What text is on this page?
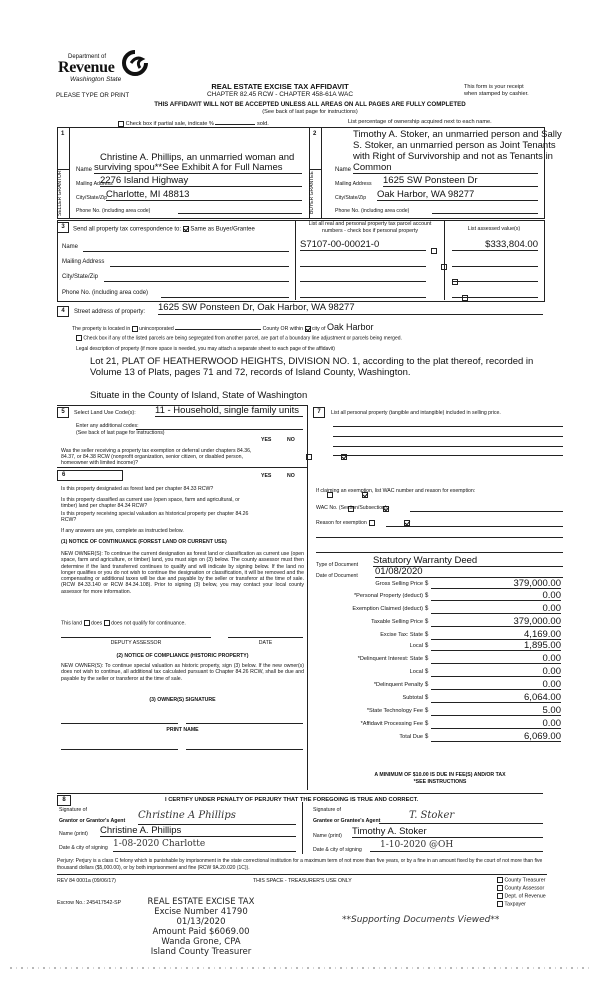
Department of
Revenue
Washington State
PLEASE TYPE OR PRINT
REAL ESTATE EXCISE TAX AFFIDAVIT
CHAPTER 82.45 RCW - CHAPTER 458-61A WAC
This form is your receipt
when stamped by cashier.
THIS AFFIDAVIT WILL NOT BE ACCEPTED UNLESS ALL AREAS ON ALL PAGES ARE FULLY COMPLETED
(See back of last page for instructions)
Check box if partial sale, indicate %	sold.	List percentage of ownership acquired next to each name.
1
SELLER GRANTOR
Christine A. Phillips, an unmarried woman and
Name surviving spou**See Exhibit A for Full Names
Mailing Address
2276 Island Highway
City/State/Zip
Charlotte, MI 48813
Phone No. (including area code)
2
BUYER GRANTEE
Timothy A. Stoker, an unmarried person and Sally
S. Stoker, an unmarried person as Joint Tenants
with Right of Survivorship and not as Tenants in
Name Common
Mailing Address 1625 SW Ponsteen Dr
City/State/Zip Oak Harbor, WA 98277
Phone No. (including area code)
3	Send all property tax correspondence to: Same as Buyer/Grantee
List all real and personal property tax parcel account numbers - check box if personal property	List assessed value(s)
Name
Mailing Address
City/State/Zip
Phone No. (including area code)
S7107-00-00021-0
	$333,804.00

4	Street address of property: 1625 SW Ponsteen Dr, Oak Harbor, WA 98277
The property is located in unincorporated	County OR within city of Oak Harbor
Check box if any of the listed parcels are being segregated from another parcel, are part of a boundary line adjustment or parcels being merged.
Legal description of property (if more space is needed, you may attach a separate sheet to each page of the affidavit)
Lot 21, PLAT OF HEATHERWOOD HEIGHTS, DIVISION NO. 1, according to the plat thereof, recorded in
Volume 13 of Plats, pages 71 and 72, records of Island County, Washington.
Situate in the County of Island, State of Washington
5	Select Land Use Code(s): 11 - Household, single family units
Enter any additional codes:
(See back of last page for instructions)
YES	NO
Was the seller receiving a property tax exemption or deferral under chapters 84.36, 84.37, or 84.38 RCW (nonprofit organization, senior citizen, or disabled person, homeowner with limited income)?

6	YES	NO
Is this property designated as forest land per chapter 84.33 RCW?

Is this property classified as current use (open space, farm and agricultural, or timber) land per chapter 84.34 RCW?

Is this property receiving special valuation as historical property per chapter 84.26 RCW?

If any answers are yes, complete as instructed below.
(1) NOTICE OF CONTINUANCE (FOREST LAND OR CURRENT USE)
NEW OWNER(S): To continue the current designation as forest land or classification as current use (open space, farm and agriculture, or timber) land, you must sign on (3) below. The county assessor must then determine if the land transferred continues to qualify and will indicate by signing below. If the land no longer qualifies or you do not wish to continue the designation or classification, it will be removed and the compensating or additional taxes will be due and payable by the seller or transferor at the time of sale. (RCW 84.33.140 or RCW 84.34.108). Prior to signing (3) below, you may contact your local county assessor for more information.
This land does does not qualify for continuance.
DEPUTY ASSESSOR	DATE
(2) NOTICE OF COMPLIANCE (HISTORIC PROPERTY)
NEW OWNER(S): To continue special valuation as historic property, sign (3) below. If the new owner(s) does not wish to continue, all additional tax calculated pursuant to Chapter 84.26 RCW, shall be due and payable by the seller or transferor at the time of sale.
(3) OWNER(S) SIGNATURE
PRINT NAME
7	List all personal property (tangible and intangible) included in selling price.
If claiming an exemption, list WAC number and reason for exemption:
WAC No. (Section/Subsection)
Reason for exemption
Type of Document Statutory Warranty Deed
Date of Document 01/08/2020
Gross Selling Price $	379,000.00
*Personal Property (deduct) $	0.00
Exemption Claimed (deduct) $	0.00
Taxable Selling Price $	379,000.00
Excise Tax: State $	4,169.00
Local $	1,895.00
*Delinquent Interest: State $	0.00
Local $	0.00
*Delinquent Penalty $	0.00
Subtotal $	6,064.00
*State Technology Fee $	5.00
*Affidavit Processing Fee $	0.00
Total Due $	6,069.00
A MINIMUM OF $10.00 IS DUE IN FEE(S) AND/OR TAX
*SEE INSTRUCTIONS
8	I CERTIFY UNDER PENALTY OF PERJURY THAT THE FOREGOING IS TRUE AND CORRECT.
Signature of
Grantor or Grantor's Agent Christine A Phillips
Name (print) Christine A. Phillips
Date & city of signing 1-08-2020 Charlotte
Signature of
Grantee or Grantee's Agent	T. Stoker
Name (print) Timothy A. Stoker
Date & city of signing	1-10-2020 @OH
Perjury: Perjury is a class C felony which is punishable by imprisonment in the state correctional institution for a maximum term of not more than five years, or by a fine in an amount fixed by the court of not more than five thousand dollars ($5,000.00), or by both imprisonment and fine (RCW 9A.20.020 (1C)).
REV 84 0001a (09/06/17)	THIS SPACE - TREASURER'S USE ONLY	County Treasurer
County Assessor
Dept. of Revenue
Taxpayer
Escrow No.: 245417542-SP	REAL ESTATE EXCISE TAX
Excise Number 41790
01/13/2020
Amount Paid $6069.00
Wanda Grone, CPA
Island County Treasurer
**Supporting Documents Viewed**
